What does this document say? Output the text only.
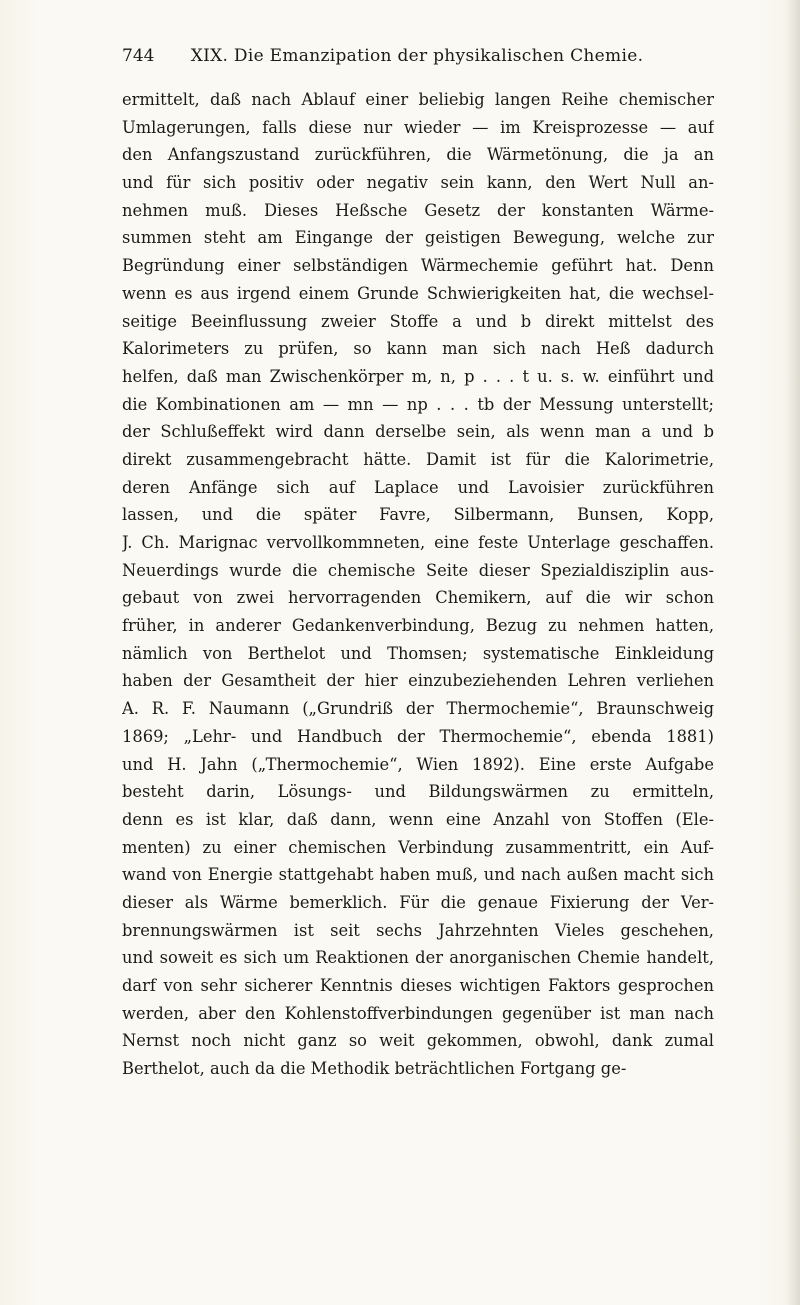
744	XIX. Die Emanzipation der physikalischen Chemie.
ermittelt, daß nach Ablauf einer beliebig langen Reihe chemischer
Umlagerungen, falls diese nur wieder — im Kreisprozesse — auf
den Anfangszustand zurückführen, die Wärmetönung, die ja an
und für sich positiv oder negativ sein kann, den Wert Null an-
nehmen muß. Dieses Heßsche Gesetz der konstanten Wärme-
summen steht am Eingange der geistigen Bewegung, welche zur
Begründung einer selbständigen Wärmechemie geführt hat. Denn
wenn es aus irgend einem Grunde Schwierigkeiten hat, die wechsel-
seitige Beeinflussung zweier Stoffe a und b direkt mittelst des
Kalorimeters zu prüfen, so kann man sich nach Heß dadurch
helfen, daß man Zwischenkörper m, n, p . . . t u. s. w. einführt und
die Kombinationen am — mn — np . . . tb der Messung unterstellt;
der Schlußeffekt wird dann derselbe sein, als wenn man a und b
direkt zusammengebracht hätte. Damit ist für die Kalorimetrie,
deren Anfänge sich auf Laplace und Lavoisier zurückführen
lassen, und die später Favre, Silbermann, Bunsen, Kopp,
J. Ch. Marignac vervollkommneten, eine feste Unterlage geschaffen.
Neuerdings wurde die chemische Seite dieser Spezialdisziplin aus-
gebaut von zwei hervorragenden Chemikern, auf die wir schon
früher, in anderer Gedankenverbindung, Bezug zu nehmen hatten,
nämlich von Berthelot und Thomsen; systematische Einkleidung
haben der Gesamtheit der hier einzubeziehenden Lehren verliehen
A. R. F. Naumann („Grundriß der Thermochemie“, Braunschweig
1869; „Lehr- und Handbuch der Thermochemie“, ebenda 1881)
und H. Jahn („Thermochemie“, Wien 1892). Eine erste Aufgabe
besteht darin, Lösungs- und Bildungswärmen zu ermitteln,
denn es ist klar, daß dann, wenn eine Anzahl von Stoffen (Ele-
menten) zu einer chemischen Verbindung zusammentritt, ein Auf-
wand von Energie stattgehabt haben muß, und nach außen macht sich
dieser als Wärme bemerklich. Für die genaue Fixierung der Ver-
brennungswärmen ist seit sechs Jahrzehnten Vieles geschehen,
und soweit es sich um Reaktionen der anorganischen Chemie handelt,
darf von sehr sicherer Kenntnis dieses wichtigen Faktors gesprochen
werden, aber den Kohlenstoffverbindungen gegenüber ist man nach
Nernst noch nicht ganz so weit gekommen, obwohl, dank zumal
Berthelot, auch da die Methodik beträchtlichen Fortgang ge-
